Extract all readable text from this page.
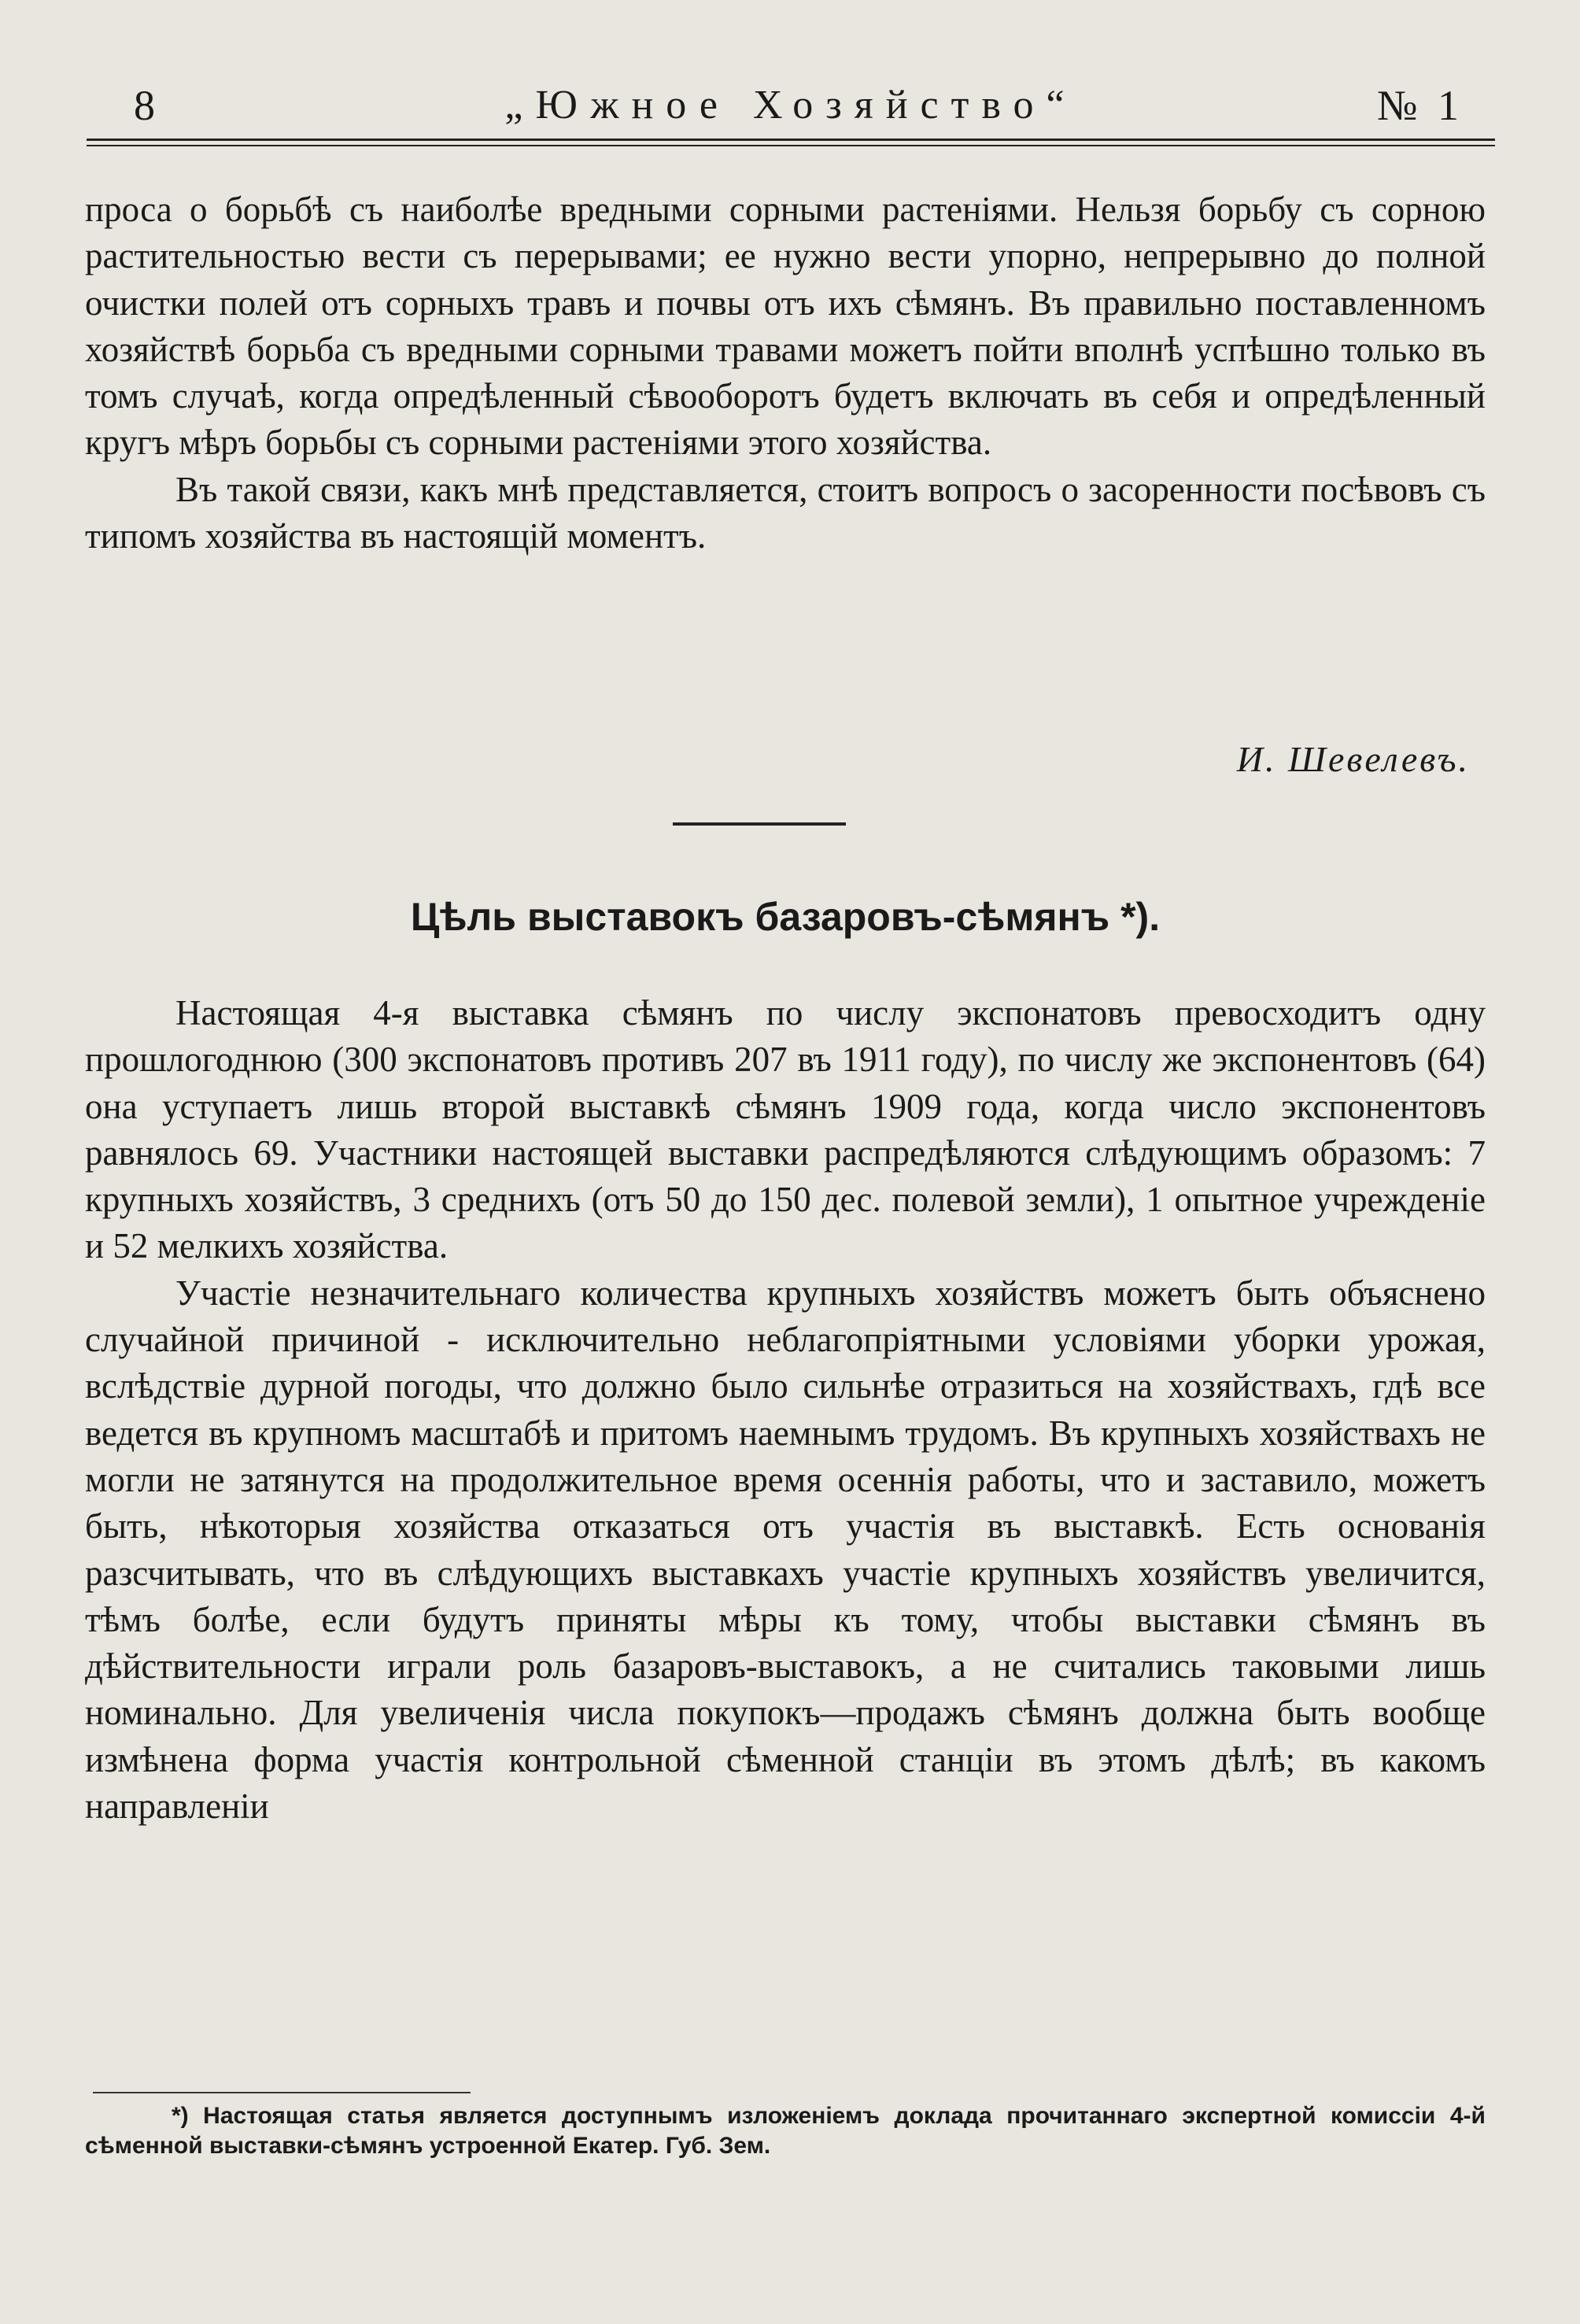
8	„Южное Хозяйство“	№ 1

проса о борьбѣ съ наиболѣе вредными сорными растеніями. Нельзя борьбу съ сорною растительностью вести съ перерывами; ее нужно вести упорно, непрерывно до полной очистки полей отъ сорныхъ травъ и почвы отъ ихъ сѣмянъ. Въ правильно поставленномъ хозяйствѣ борьба съ вредными сорными травами можетъ пойти вполнѣ успѣшно только въ томъ случаѣ, когда опредѣленный сѣвооборотъ будетъ включать въ себя и опредѣленный кругъ мѣръ борьбы съ сорными растеніями этого хозяйства.

Въ такой связи, какъ мнѣ представляется, стоитъ вопросъ о засоренности посѣвовъ съ типомъ хозяйства въ настоящій моментъ.

И. Шевелевъ.
Цѣль выставокъ базаровъ-сѣмянъ *).

Настоящая 4-я выставка сѣмянъ по числу экспонатовъ превосходитъ одну прошлогоднюю (300 экспонатовъ противъ 207 въ 1911 году), по числу же экспонентовъ (64) она уступаетъ лишь второй выставкѣ сѣмянъ 1909 года, когда число экспонентовъ равнялось 69. Участники настоящей выставки распредѣляются слѣдующимъ образомъ: 7 крупныхъ хозяйствъ, 3 среднихъ (отъ 50 до 150 дес. полевой земли), 1 опытное учрежденіе и 52 мелкихъ хозяйства.

Участіе незначительнаго количества крупныхъ хозяйствъ можетъ быть объяснено случайной причиной - исключительно неблагопріятными условіями уборки урожая, вслѣдствіе дурной погоды, что должно было сильнѣе отразиться на хозяйствахъ, гдѣ все ведется въ крупномъ масштабѣ и притомъ наемнымъ трудомъ. Въ крупныхъ хозяйствахъ не могли не затянутся на продолжительное время осеннія работы, что и заставило, можетъ быть, нѣкоторыя хозяйства отказаться отъ участія въ выставкѣ. Есть основанія разсчитывать, что въ слѣдующихъ выставкахъ участіе крупныхъ хозяйствъ увеличится, тѣмъ болѣе, если будутъ приняты мѣры къ тому, чтобы выставки сѣмянъ въ дѣйствительности играли роль базаровъ-выставокъ, а не считались таковыми лишь номинально. Для увеличенія числа покупокъ—продажъ сѣмянъ должна быть вообще измѣнена форма участія контрольной сѣменной станціи въ этомъ дѣлѣ; въ какомъ направленіи

*) Настоящая статья является доступнымъ изложеніемъ доклада прочитаннаго экспертной комиссіи 4-й сѣменной выставки-сѣмянъ устроенной Екатер. Губ. Зем.
